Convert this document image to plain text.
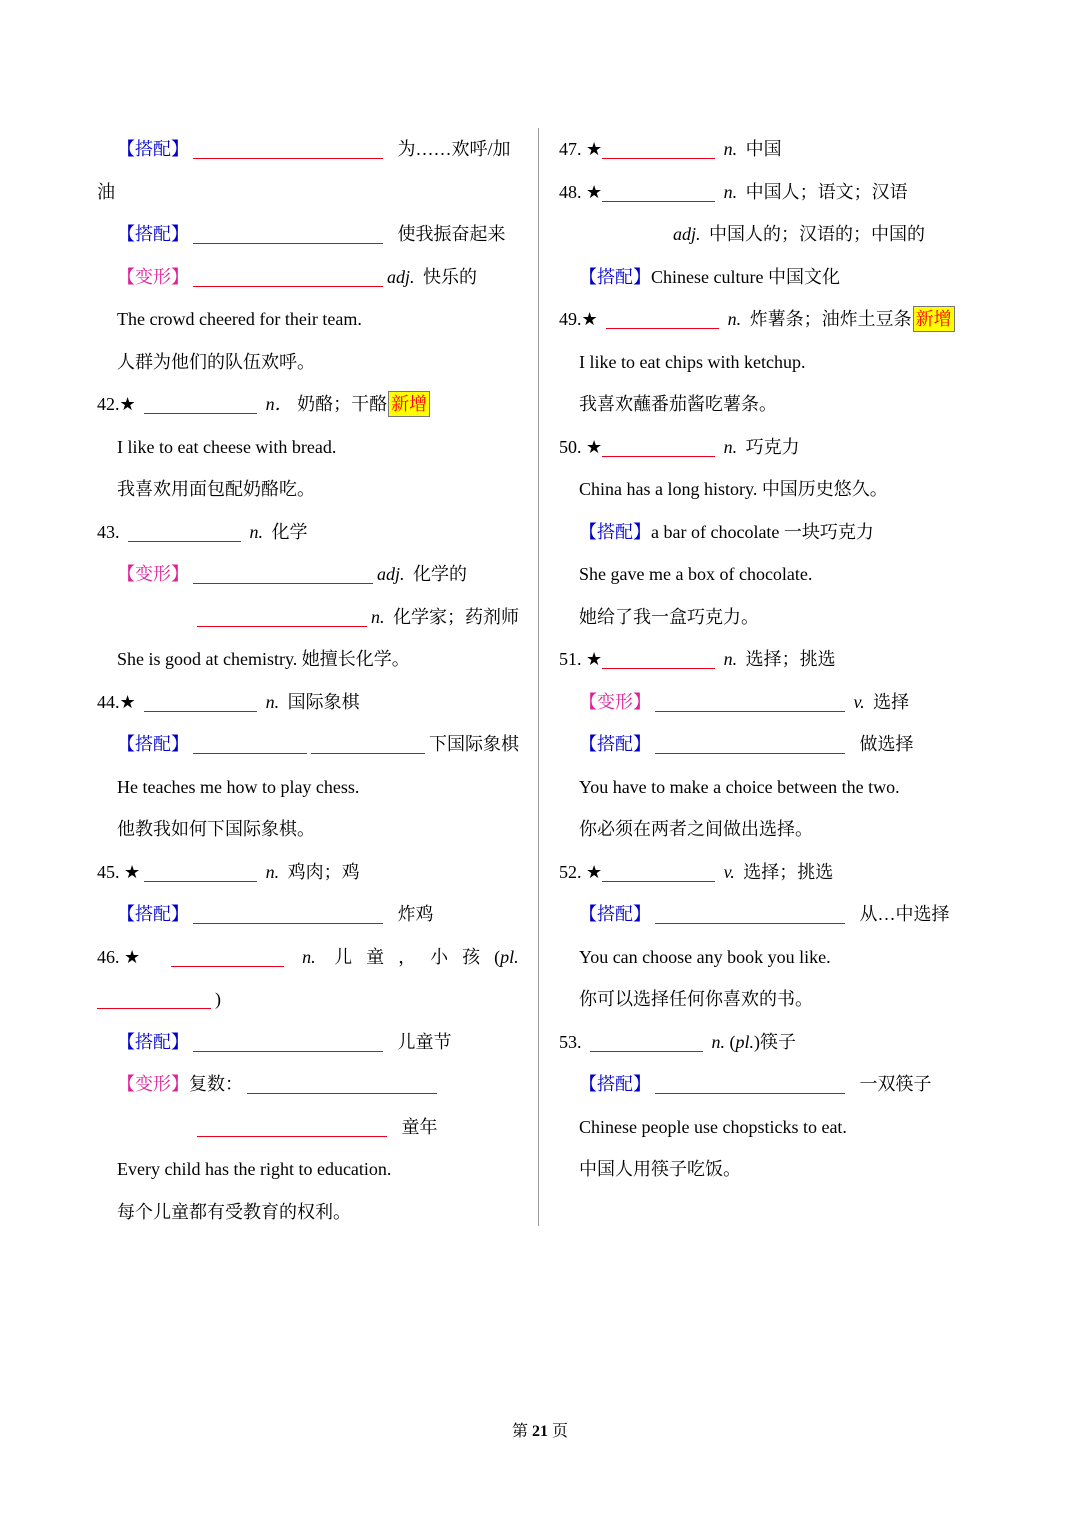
【搭配】	为……欢呼/加
油
【搭配】	使我振奋起来
【变形】	adj. 快乐的
The crowd cheered for their team.
人群为他们的队伍欢呼。
42.★	n． 奶酪；干酪 新增
I like to eat cheese with bread.
我喜欢用面包配奶酪吃。
43.	n. 化学
【变形】	adj. 化学的
n. 化学家；药剂师
She is good at chemistry. 她擅长化学。
44.★	n. 国际象棋
【搭配】	下国际象棋
He teaches me how to play chess.
他教我如何下国际象棋。
45. ★	n. 鸡肉；鸡
【搭配】	炸鸡
46. ★	n. 儿童，小孩(pl.
)
【搭配】	儿童节
【变形】复数：
童年
Every child has the right to education.
每个儿童都有受教育的权利。
47. ★	n. 中国
48. ★	n. 中国人；语文；汉语
adj. 中国人的；汉语的；中国的
【搭配】Chinese culture 中国文化
49.★	n. 炸薯条；油炸土豆条 新增
I like to eat chips with ketchup.
我喜欢蘸番茄酱吃薯条。
50. ★	n. 巧克力
China has a long history. 中国历史悠久。
【搭配】a bar of chocolate 一块巧克力
She gave me a box of chocolate.
她给了我一盒巧克力。
51. ★	n. 选择；挑选
【变形】	v. 选择
【搭配】	做选择
You have to make a choice between the two.
你必须在两者之间做出选择。
52. ★	v. 选择；挑选
【搭配】	从…中选择
You can choose any book you like.
你可以选择任何你喜欢的书。
53.	n. (pl.)筷子
【搭配】	一双筷子
Chinese people use chopsticks to eat.
中国人用筷子吃饭。
第 21 页
